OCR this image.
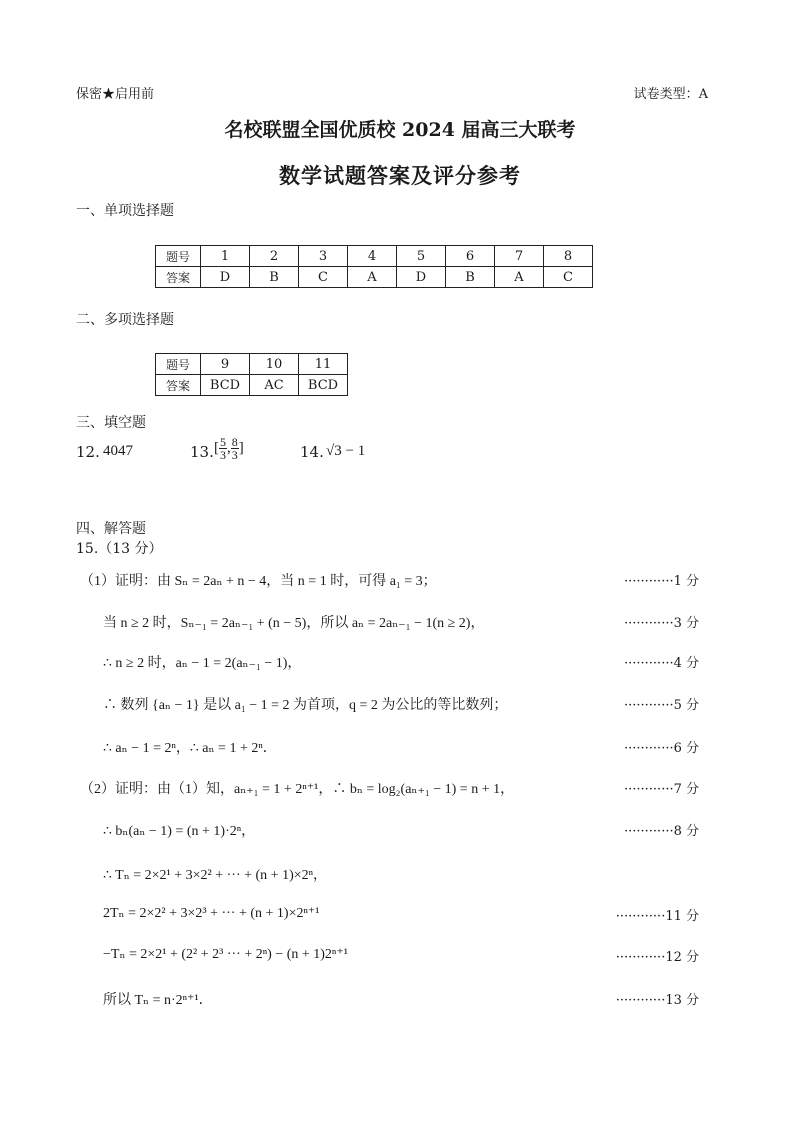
保密★启用前	试卷类型：A
名校联盟全国优质校 2024 届高三大联考
数学试题答案及评分参考
一、单项选择题
题号	1	2	3	4	5	6	7	8
答案	D	B	C	A	D	B	A	C
二、多项选择题
题号	9	10	11
答案	BCD	AC	BCD
三、填空题
12. 4047	13. [ $\frac{5}{3}$ , $\frac{8}{3}$ ]	14. √3 − 1
四、解答题
15.（13 分）
（1）证明：由 Sₙ = 2aₙ + n − 4，当 n = 1 时，可得 a₁ = 3；	············1 分
当 n ≥ 2 时，Sₙ₋₁ = 2aₙ₋₁ + (n − 5)，所以 aₙ = 2aₙ₋₁ − 1(n ≥ 2)，	············3 分
∴ n ≥ 2 时，aₙ − 1 = 2(aₙ₋₁ − 1)，	············4 分
∴ 数列 {aₙ − 1} 是以 a₁ − 1 = 2 为首项，q = 2 为公比的等比数列；	············5 分
∴ aₙ − 1 = 2ⁿ，∴ aₙ = 1 + 2ⁿ．	············6 分
（2）证明：由（1）知，aₙ₊₁ = 1 + 2ⁿ⁺¹，∴ bₙ = log₂(aₙ₊₁ − 1) = n + 1，	············7 分
∴ bₙ(aₙ − 1) = (n + 1)·2ⁿ，	············8 分
∴ Tₙ = 2×2¹ + 3×2² + ··· + (n + 1)×2ⁿ，
2Tₙ = 2×2² + 3×2³ + ··· + (n + 1)×2ⁿ⁺¹	············11 分
−Tₙ = 2×2¹ + (2² + 2³ ··· + 2ⁿ) − (n + 1)2ⁿ⁺¹	············12 分
所以 Tₙ = n·2ⁿ⁺¹．	············13 分
